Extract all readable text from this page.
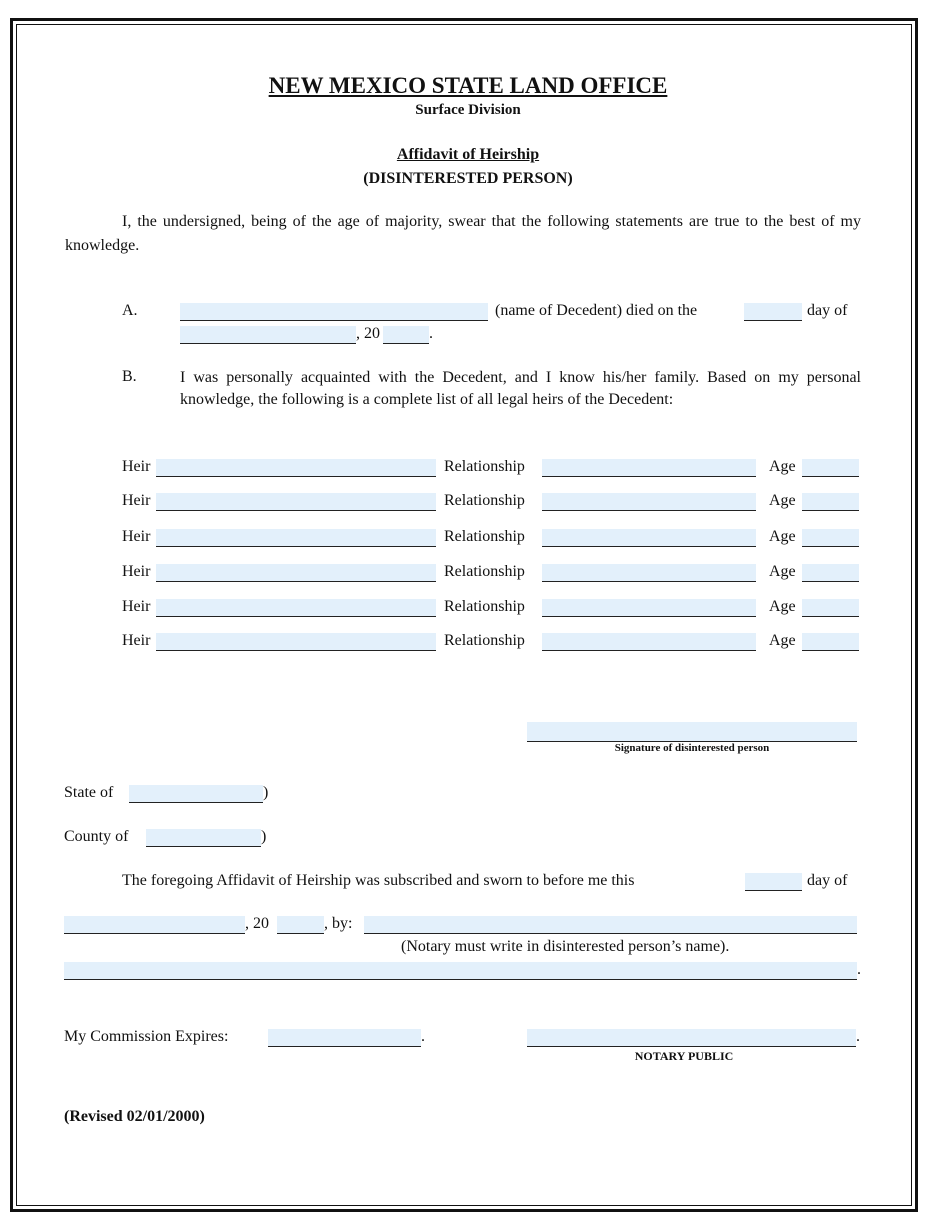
NEW MEXICO STATE LAND OFFICE
Surface Division
Affidavit of Heirship
(DISINTERESTED PERSON)
I, the undersigned, being of the age of majority, swear that the following statements are true to the best of my knowledge.
A.	(name of Decedent) died on the	day of
, 20	.
B.	I was personally acquainted with the Decedent, and I know his/her family. Based on my personal knowledge, the following is a complete list of all legal heirs of the Decedent:
Heir	Relationship	Age
Heir	Relationship	Age
Heir	Relationship	Age
Heir	Relationship	Age
Heir	Relationship	Age
Heir	Relationship	Age
Signature of disinterested person
State of	)
County of	)
The foregoing Affidavit of Heirship was subscribed and sworn to before me this	day of
, 20	, by:
(Notary must write in disinterested person’s name).
.
My Commission Expires:	.	.
NOTARY PUBLIC
(Revised 02/01/2000)
